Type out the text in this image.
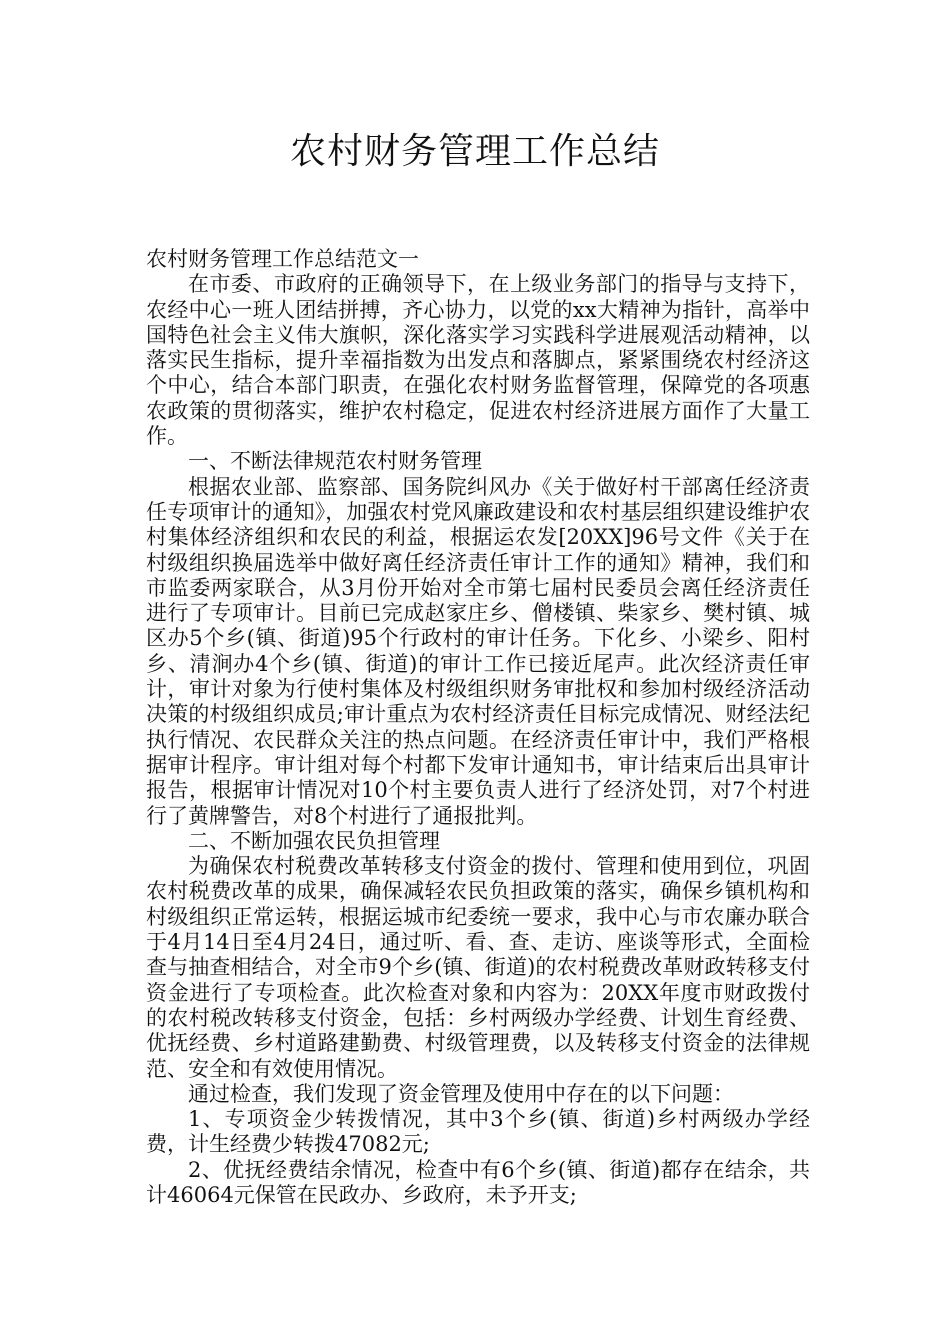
农村财务管理工作总结

农村财务管理工作总结范文一

在市委、市政府的正确领导下，在上级业务部门的指导与支持下，农经中心一班人团结拼搏，齐心协力，以党的xx大精神为指针，高举中国特色社会主义伟大旗帜，深化落实学习实践科学进展观活动精神，以落实民生指标，提升幸福指数为出发点和落脚点，紧紧围绕农村经济这个中心，结合本部门职责，在强化农村财务监督管理，保障党的各项惠农政策的贯彻落实，维护农村稳定，促进农村经济进展方面作了大量工作。

一、不断法律规范农村财务管理

根据农业部、监察部、国务院纠风办《关于做好村干部离任经济责任专项审计的通知》，加强农村党风廉政建设和农村基层组织建设维护农村集体经济组织和农民的利益，根据运农发[20XX]96号文件《关于在村级组织换届选举中做好离任经济责任审计工作的通知》精神，我们和市监委两家联合，从3月份开始对全市第七届村民委员会离任经济责任进行了专项审计。目前已完成赵家庄乡、僧楼镇、柴家乡、樊村镇、城区办5个乡(镇、街道)95个行政村的审计任务。下化乡、小梁乡、阳村乡、清涧办4个乡(镇、街道)的审计工作已接近尾声。此次经济责任审计，审计对象为行使村集体及村级组织财务审批权和参加村级经济活动决策的村级组织成员;审计重点为农村经济责任目标完成情况、财经法纪执行情况、农民群众关注的热点问题。在经济责任审计中，我们严格根据审计程序。审计组对每个村都下发审计通知书，审计结束后出具审计报告，根据审计情况对10个村主要负责人进行了经济处罚，对7个村进行了黄牌警告，对8个村进行了通报批判。

二、不断加强农民负担管理

为确保农村税费改革转移支付资金的拨付、管理和使用到位，巩固农村税费改革的成果，确保减轻农民负担政策的落实，确保乡镇机构和村级组织正常运转，根据运城市纪委统一要求，我中心与市农廉办联合于4月14日至4月24日，通过听、看、查、走访、座谈等形式，全面检查与抽查相结合，对全市9个乡(镇、街道)的农村税费改革财政转移支付资金进行了专项检查。此次检查对象和内容为：20XX年度市财政拨付的农村税改转移支付资金，包括：乡村两级办学经费、计划生育经费、优抚经费、乡村道路建勤费、村级管理费，以及转移支付资金的法律规范、安全和有效使用情况。

通过检查，我们发现了资金管理及使用中存在的以下问题：

1、专项资金少转拨情况，其中3个乡(镇、街道)乡村两级办学经费，计生经费少转拨47082元;

2、优抚经费结余情况，检查中有6个乡(镇、街道)都存在结余，共计46064元保管在民政办、乡政府，未予开支;
